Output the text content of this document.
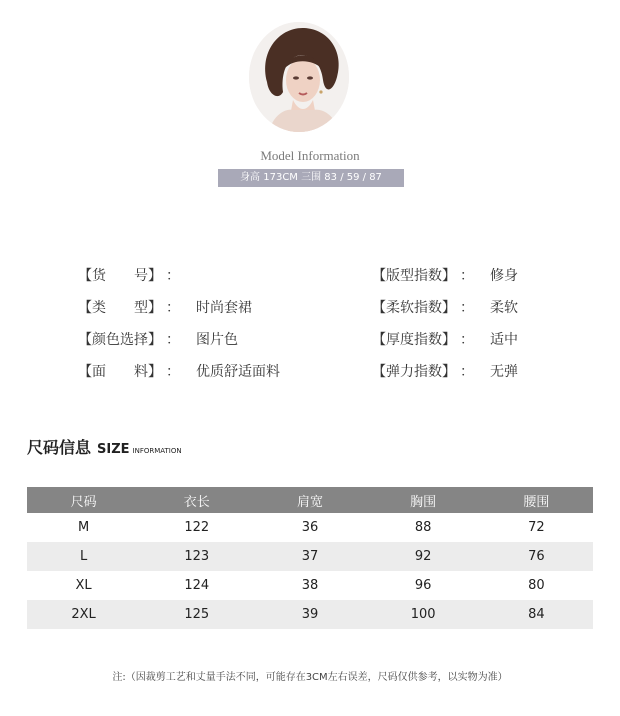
Model Information
身高 173CM 三围 83 / 59 / 87
【货　　号】 ：
【类　　型】 ： 时尚套裙
【颜色选择】 ： 图片色
【面　　料】 ： 优质舒适面料
【版型指数】 ： 修身
【柔软指数】 ： 柔软
【厚度指数】 ： 适中
【弹力指数】 ： 无弹
尺码信息 SIZE INFORMATION
尺码	衣长	肩宽	胸围	腰围
M	122	36	88	72
L	123	37	92	76
XL	124	38	96	80
2XL	125	39	100	84
注:（因裁剪工艺和丈量手法不同，可能存在3CM左右误差，尺码仅供参考，以实物为准）
